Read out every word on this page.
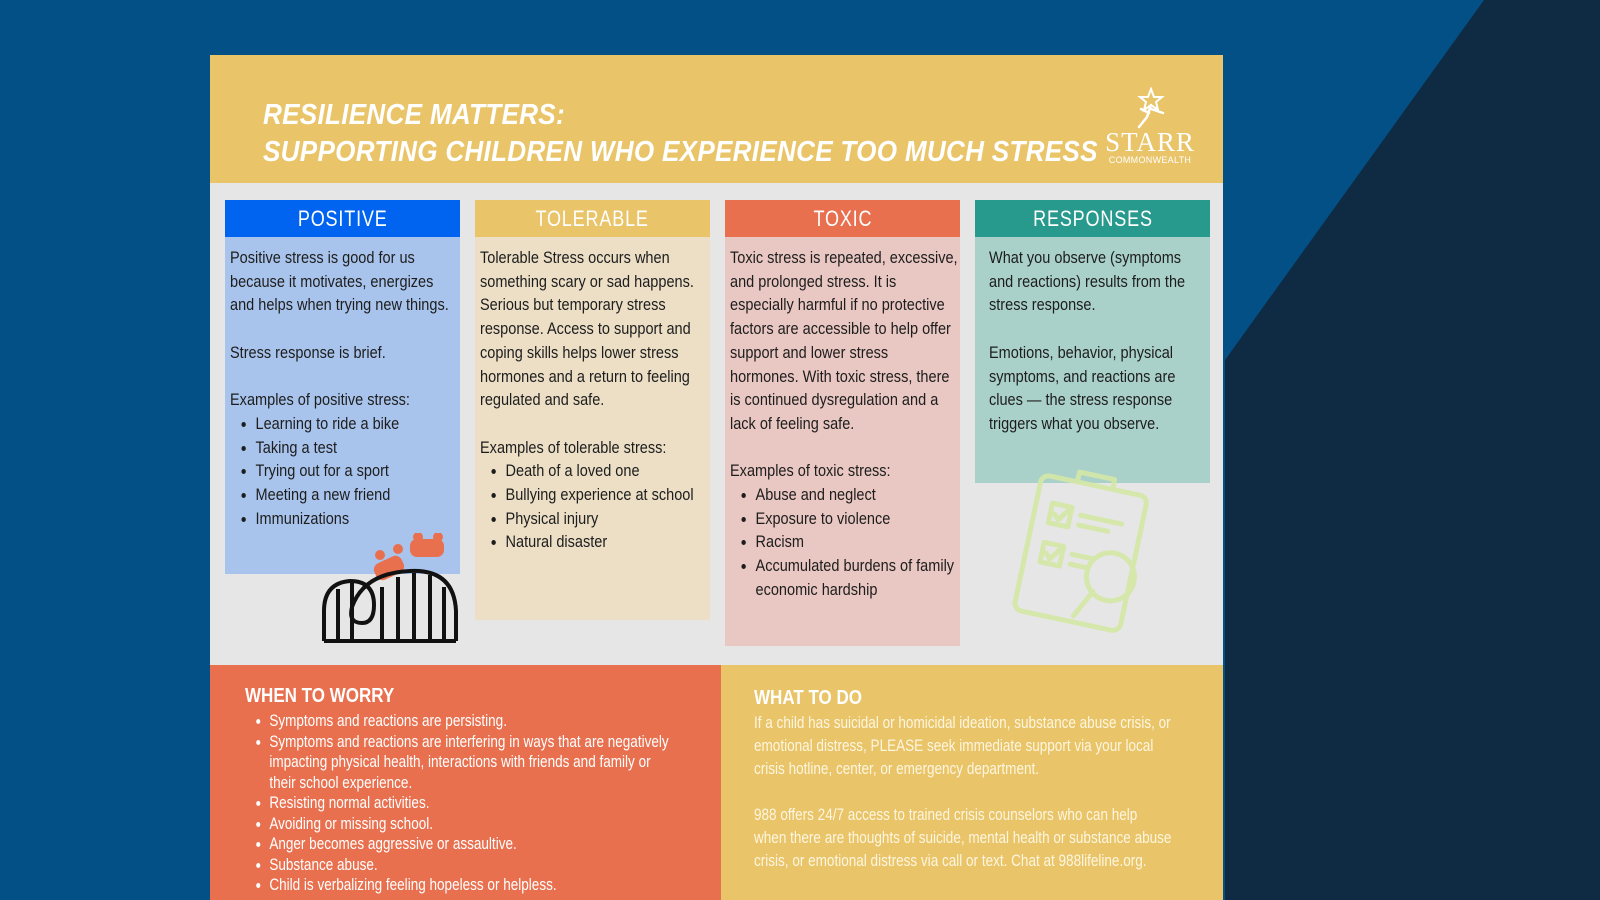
RESILIENCE MATTERS:
SUPPORTING CHILDREN WHO EXPERIENCE TOO MUCH STRESS STARR
COMMONWEALTH
POSITIVE

Positive stress is good for us because it motivates, energizes and helps when trying new things.

Stress response is brief.

Examples of positive stress:
• Learning to ride a bike
• Taking a test
• Trying out for a sport
• Meeting a new friend
• Immunizations
TOLERABLE

Tolerable Stress occurs when something scary or sad happens. Serious but temporary stress response. Access to support and coping skills helps lower stress hormones and a return to feeling regulated and safe.

Examples of tolerable stress:
• Death of a loved one
• Bullying experience at school
• Physical injury
• Natural disaster
TOXIC

Toxic stress is repeated, excessive, and prolonged stress. It is especially harmful if no protective factors are accessible to help offer support and lower stress hormones. With toxic stress, there is continued dysregulation and a lack of feeling safe.

Examples of toxic stress:
• Abuse and neglect
• Exposure to violence
• Racism
• Accumulated burdens of family economic hardship
RESPONSES

What you observe (symptoms and reactions) results from the stress response.

Emotions, behavior, physical symptoms, and reactions are clues — the stress response triggers what you observe.

WHEN TO WORRY
• Symptoms and reactions are persisting.
• Symptoms and reactions are interfering in ways that are negatively impacting physical health, interactions with friends and family or their school experience.
• Resisting normal activities.
• Avoiding or missing school.
• Anger becomes aggressive or assaultive.
• Substance abuse.
• Child is verbalizing feeling hopeless or helpless.
WHAT TO DO

If a child has suicidal or homicidal ideation, substance abuse crisis, or emotional distress, PLEASE seek immediate support via your local crisis hotline, center, or emergency department.

988 offers 24/7 access to trained crisis counselors who can help when there are thoughts of suicide, mental health or substance abuse crisis, or emotional distress via call or text. Chat at 988lifeline.org.
